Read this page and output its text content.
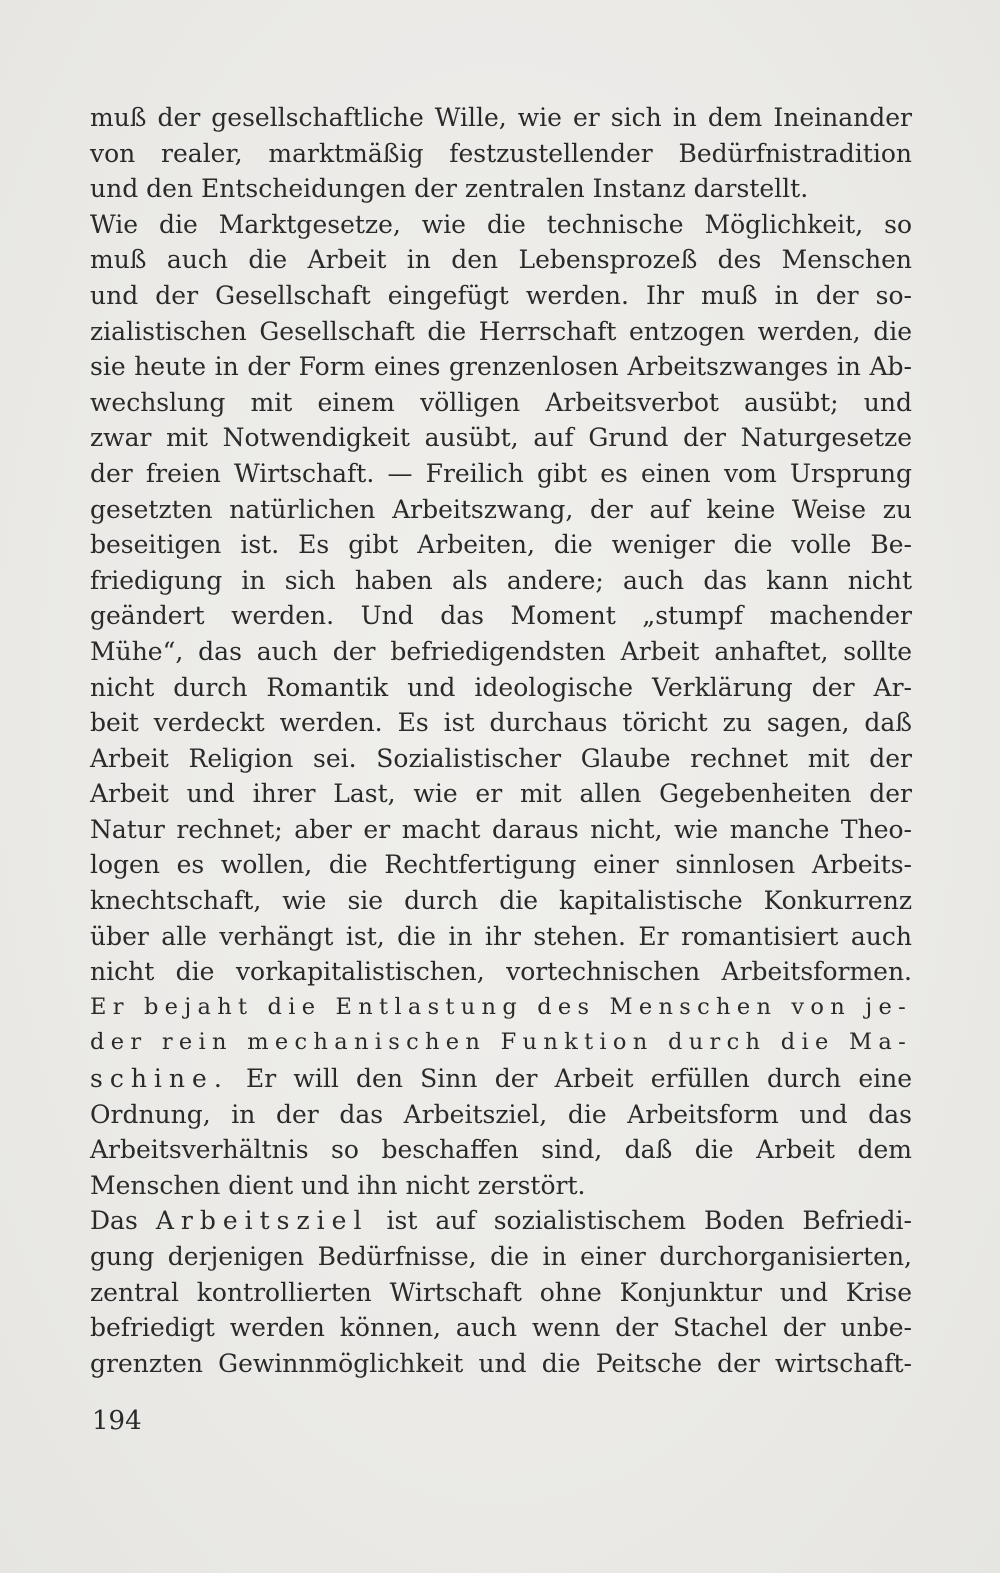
muß der gesellschaftliche Wille, wie er sich in dem Ineinander
von realer, marktmäßig festzustellender Bedürfnistradition
und den Entscheidungen der zentralen Instanz darstellt.
Wie die Marktgesetze, wie die technische Möglichkeit, so
muß auch die Arbeit in den Lebensprozeß des Menschen
und der Gesellschaft eingefügt werden. Ihr muß in der so-
zialistischen Gesellschaft die Herrschaft entzogen werden, die
sie heute in der Form eines grenzenlosen Arbeitszwanges in Ab-
wechslung mit einem völligen Arbeitsverbot ausübt; und
zwar mit Notwendigkeit ausübt, auf Grund der Naturgesetze
der freien Wirtschaft. — Freilich gibt es einen vom Ursprung
gesetzten natürlichen Arbeitszwang, der auf keine Weise zu
beseitigen ist. Es gibt Arbeiten, die weniger die volle Be-
friedigung in sich haben als andere; auch das kann nicht
geändert werden. Und das Moment „stumpf machender
Mühe“, das auch der befriedigendsten Arbeit anhaftet, sollte
nicht durch Romantik und ideologische Verklärung der Ar-
beit verdeckt werden. Es ist durchaus töricht zu sagen, daß
Arbeit Religion sei. Sozialistischer Glaube rechnet mit der
Arbeit und ihrer Last, wie er mit allen Gegebenheiten der
Natur rechnet; aber er macht daraus nicht, wie manche Theo-
logen es wollen, die Rechtfertigung einer sinnlosen Arbeits-
knechtschaft, wie sie durch die kapitalistische Konkurrenz
über alle verhängt ist, die in ihr stehen. Er romantisiert auch
nicht die vorkapitalistischen, vortechnischen Arbeitsformen.
Er bejaht die Entlastung des Menschen von je-
der rein mechanischen Funktion durch die Ma-
schine. Er will den Sinn der Arbeit erfüllen durch eine
Ordnung, in der das Arbeitsziel, die Arbeitsform und das
Arbeitsverhältnis so beschaffen sind, daß die Arbeit dem
Menschen dient und ihn nicht zerstört.
Das Arbeitsziel ist auf sozialistischem Boden Befriedi-
gung derjenigen Bedürfnisse, die in einer durchorganisierten,
zentral kontrollierten Wirtschaft ohne Konjunktur und Krise
befriedigt werden können, auch wenn der Stachel der unbe-
grenzten Gewinnmöglichkeit und die Peitsche der wirtschaft-
194
